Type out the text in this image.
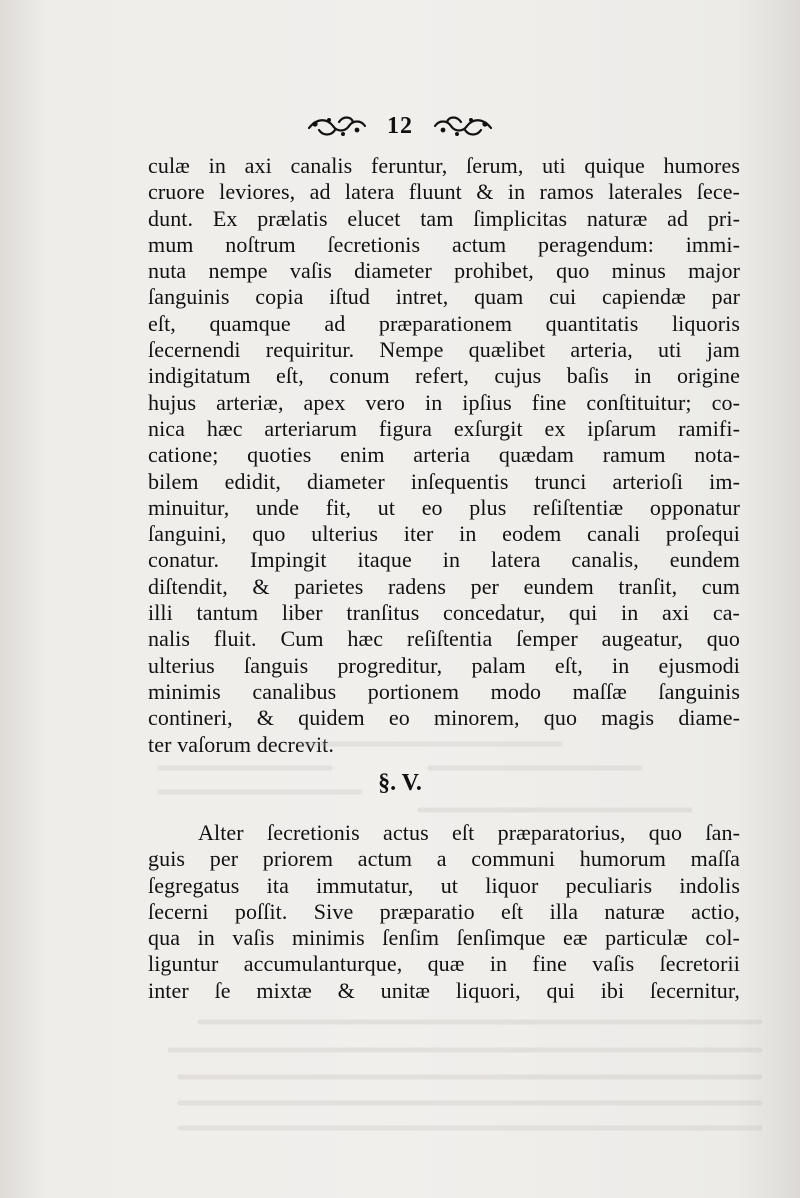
12
culæ in axi canalis feruntur, ſerum, uti quique humores
cruore leviores, ad latera fluunt & in ramos laterales ſece-
dunt. Ex prælatis elucet tam ſimplicitas naturæ ad pri-
mum noſtrum ſecretionis actum peragendum: immi-
nuta nempe vaſis diameter prohibet, quo minus major
ſanguinis copia iſtud intret, quam cui capiendæ par
eſt, quamque ad præparationem quantitatis liquoris
ſecernendi requiritur. Nempe quælibet arteria, uti jam
indigitatum eſt, conum refert, cujus baſis in origine
hujus arteriæ, apex vero in ipſius fine conſtituitur; co-
nica hæc arteriarum figura exſurgit ex ipſarum ramifi-
catione; quoties enim arteria quædam ramum nota-
bilem edidit, diameter inſequentis trunci arterioſi im-
minuitur, unde fit, ut eo plus reſiſtentiæ opponatur
ſanguini, quo ulterius iter in eodem canali proſequi
conatur. Impingit itaque in latera canalis, eundem
diſtendit, & parietes radens per eundem tranſit, cum
illi tantum liber tranſitus concedatur, qui in axi ca-
nalis fluit. Cum hæc reſiſtentia ſemper augeatur, quo
ulterius ſanguis progreditur, palam eſt, in ejusmodi
minimis canalibus portionem modo maſſæ ſanguinis
contineri, & quidem eo minorem, quo magis diame-
ter vaſorum decrevit.
§. V.
Alter ſecretionis actus eſt præparatorius, quo ſan-
guis per priorem actum a communi humorum maſſa
ſegregatus ita immutatur, ut liquor peculiaris indolis
ſecerni poſſit. Sive præparatio eſt illa naturæ actio,
qua in vaſis minimis ſenſim ſenſimque eæ particulæ col-
liguntur accumulanturque, quæ in fine vaſis ſecretorii
inter ſe mixtæ & unitæ liquori, qui ibi ſecernitur,
